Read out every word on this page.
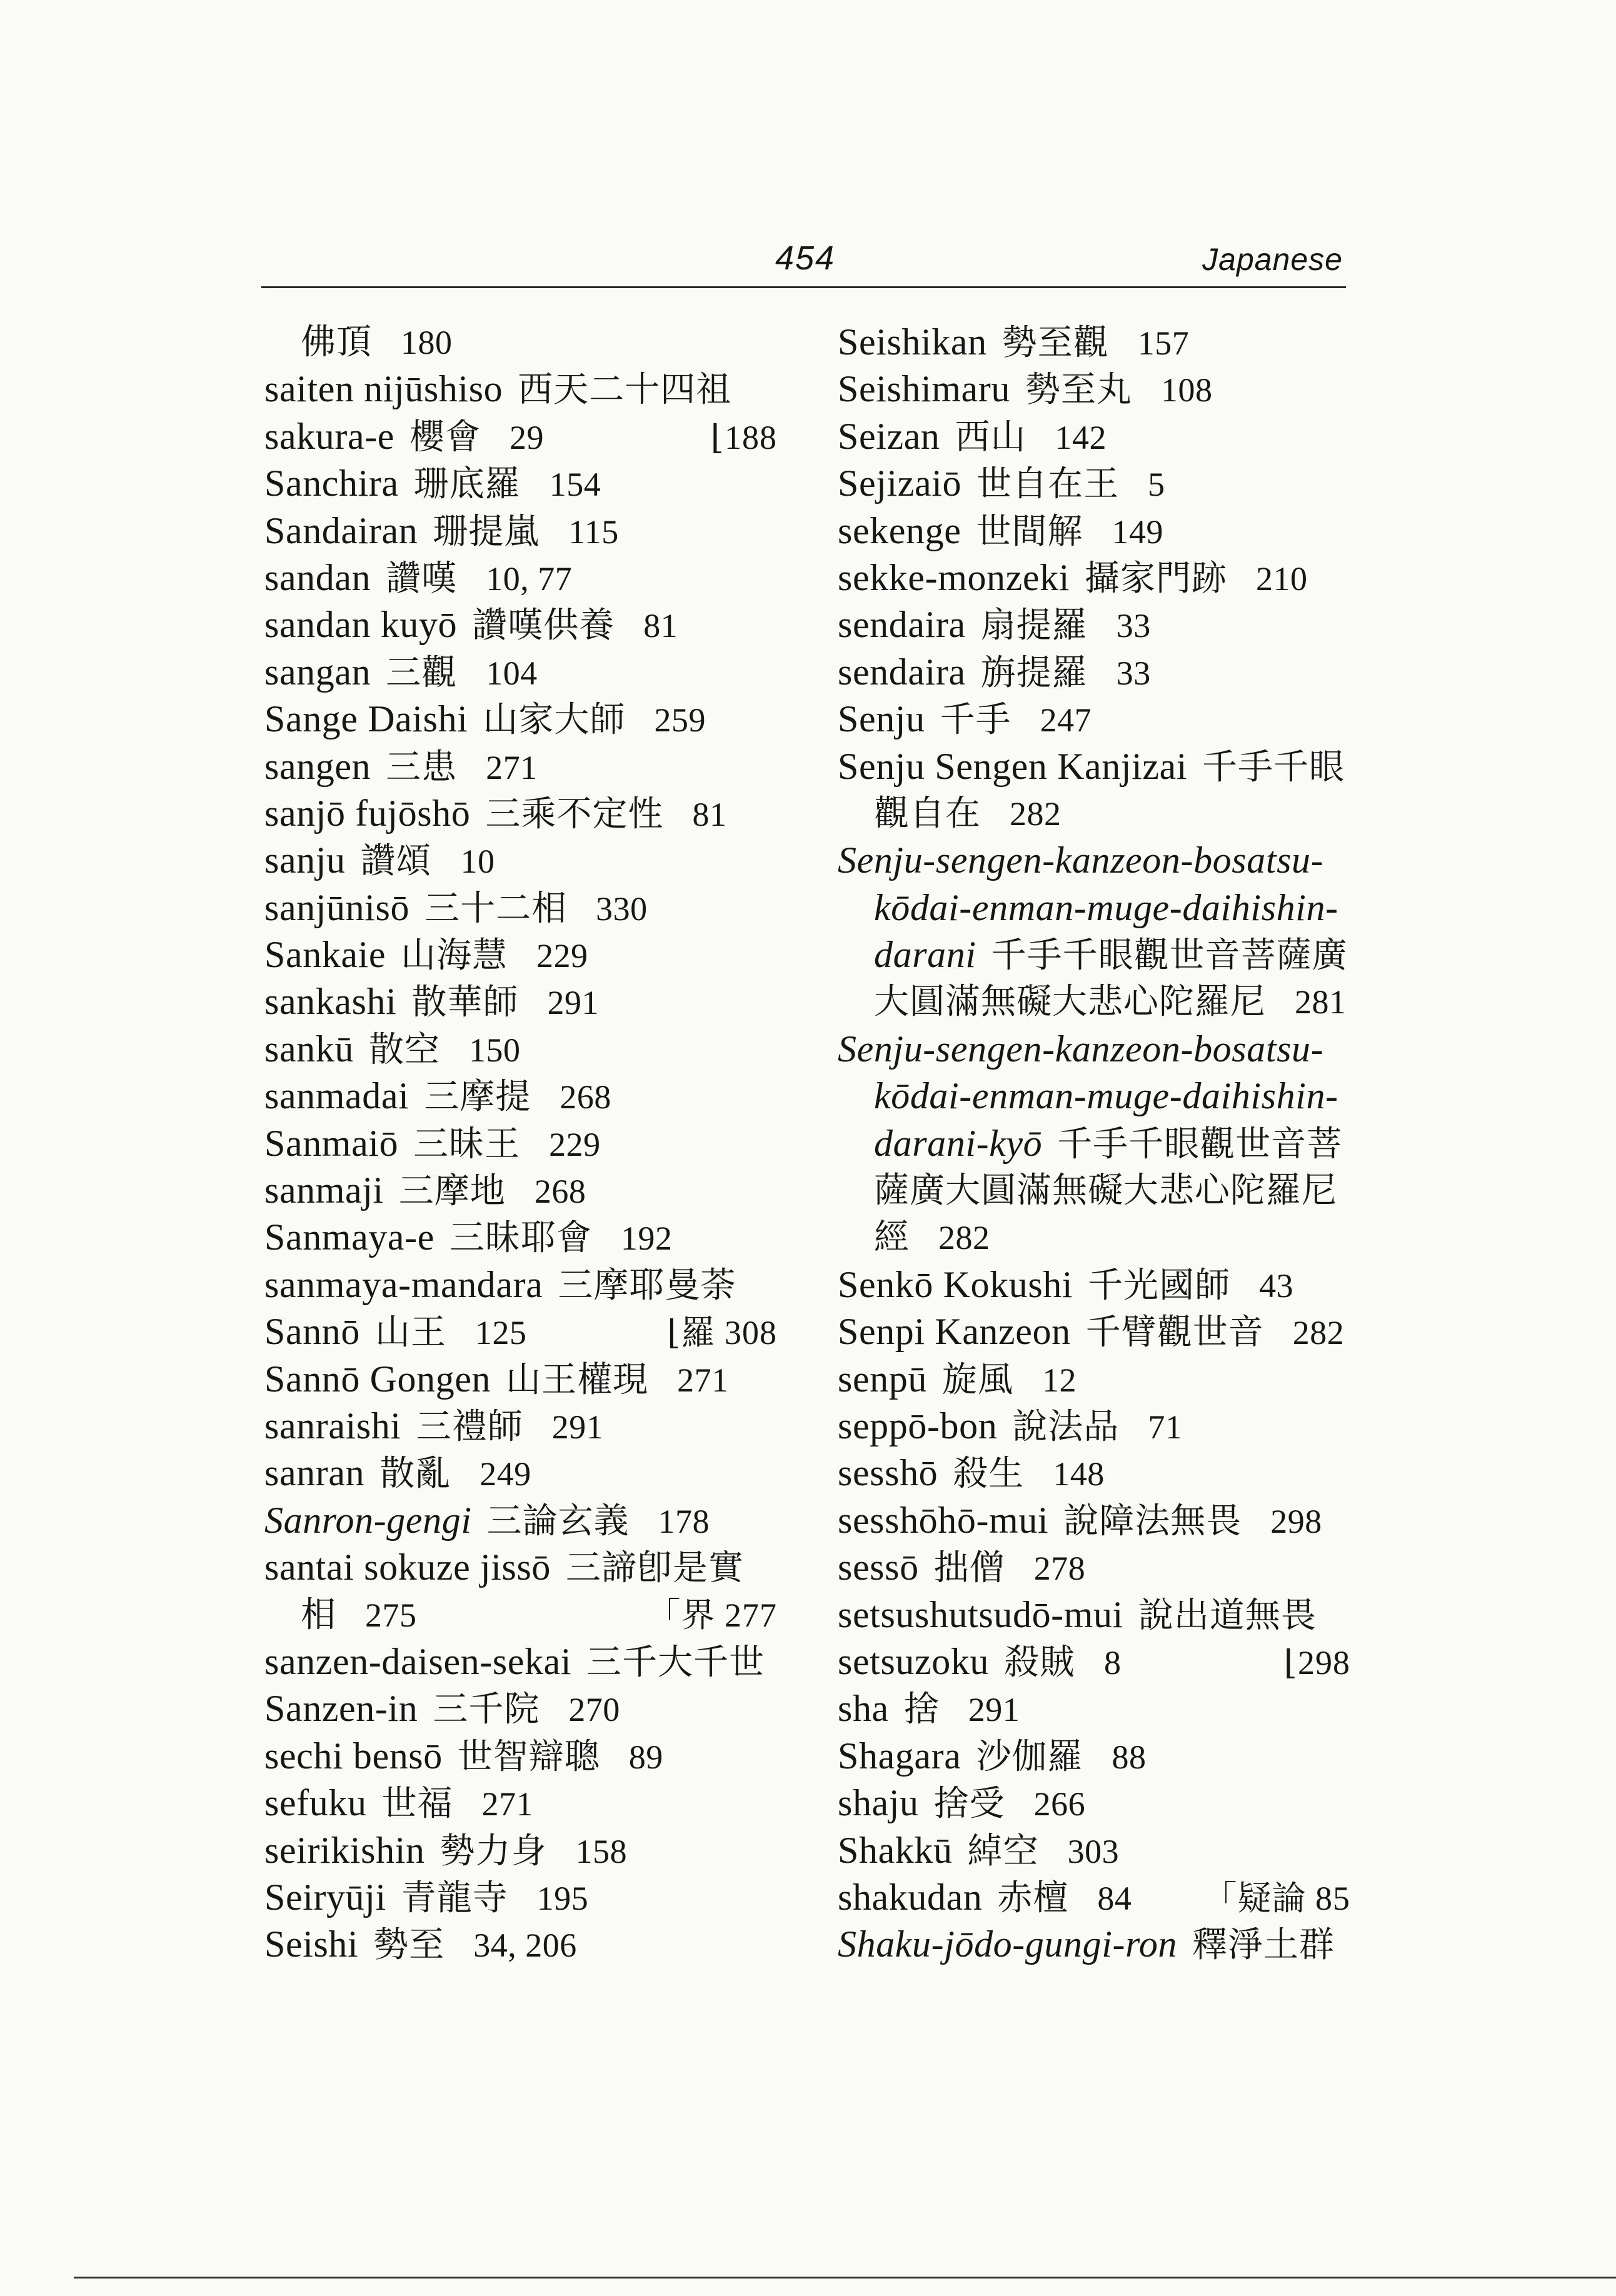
454	Japanese
佛頂 180
saiten nijūshiso 西天二十四祖
sakura-e 櫻會 29	⌊188
Sanchira 珊底羅 154
Sandairan 珊提嵐 115
sandan 讚嘆 10, 77
sandan kuyō 讚嘆供養 81
sangan 三觀 104
Sange Daishi 山家大師 259
sangen 三患 271
sanjō fujōshō 三乘不定性 81
sanju 讚頌 10
sanjūnisō 三十二相 330
Sankaie 山海慧 229
sankashi 散華師 291
sankū 散空 150
sanmadai 三摩提 268
Sanmaiō 三昧王 229
sanmaji 三摩地 268
Sanmaya-e 三昧耶會 192
sanmaya-mandara 三摩耶曼荼
Sannō 山王 125	⌊羅 308
Sannō Gongen 山王權現 271
sanraishi 三禮師 291
sanran 散亂 249
Sanron-gengi 三論玄義 178
santai sokuze jissō 三諦卽是實
相 275	「界 277
sanzen-daisen-sekai 三千大千世
Sanzen-in 三千院 270
sechi bensō 世智辯聰 89
sefuku 世福 271
seirikishin 勢力身 158
Seiryūji 青龍寺 195
Seishi 勢至 34, 206
Seishikan 勢至觀 157
Seishimaru 勢至丸 108
Seizan 西山 142
Sejizaiō 世自在王 5
sekenge 世間解 149
sekke-monzeki 攝家門跡 210
sendaira 扇提羅 33
sendaira 旃提羅 33
Senju 千手 247
Senju Sengen Kanjizai 千手千眼
觀自在 282
Senju-sengen-kanzeon-bosatsu-
kōdai-enman-muge-daihishin-
darani 千手千眼觀世音菩薩廣
大圓滿無礙大悲心陀羅尼 281
Senju-sengen-kanzeon-bosatsu-
kōdai-enman-muge-daihishin-
darani-kyō 千手千眼觀世音菩
薩廣大圓滿無礙大悲心陀羅尼
經 282
Senkō Kokushi 千光國師 43
Senpi Kanzeon 千臂觀世音 282
senpū 旋風 12
seppō-bon 說法品 71
sesshō 殺生 148
sesshōhō-mui 說障法無畏 298
sessō 拙僧 278
setsushutsudō-mui 說出道無畏
setsuzoku 殺賊 8	⌊298
sha 捨 291
Shagara 沙伽羅 88
shaju 捨受 266
Shakkū 綽空 303
shakudan 赤檀 84 「疑論 85
Shaku-jōdo-gungi-ron 釋淨土群
